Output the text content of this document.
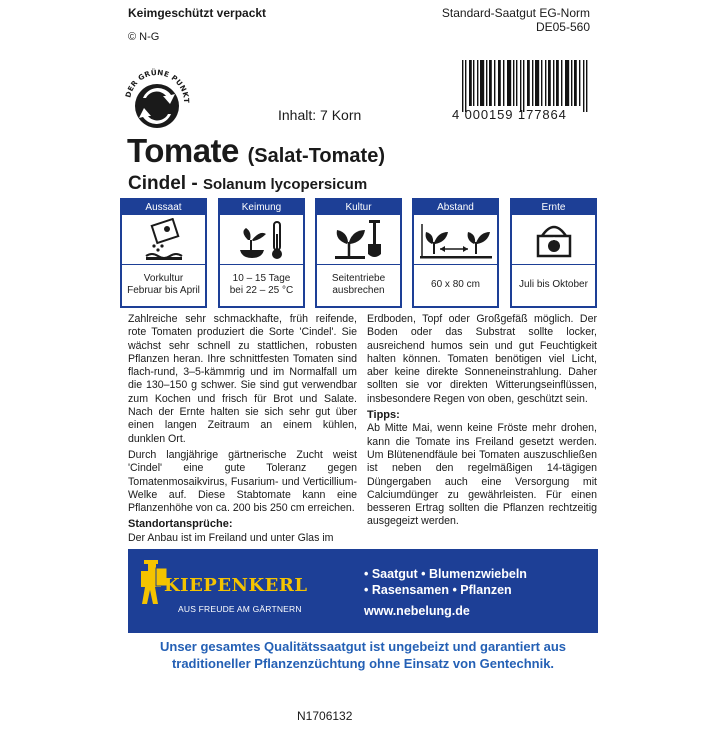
Keimgeschützt verpackt
© N-G
Standard-Saatgut EG-Norm
DE05-560
DER GRÜNE PUNKT
Inhalt: 7 Korn	4 000159 177864
Tomate (Salat-Tomate)
Cindel - Solanum lycopersicum
Aussaat
Vorkultur
Februar bis April
Keimung
10 – 15 Tage
bei 22 – 25 °C
Kultur
Seitentriebe
ausbrechen
Abstand
60 x 80 cm
Ernte
Juli bis Oktober

Zahlreiche sehr schmackhafte, früh reifende, rote Tomaten produziert die Sorte 'Cindel'. Sie wächst sehr schnell zu stattlichen, robusten Pflanzen heran. Ihre schnittfesten Tomaten sind flach-rund, 3–5-kämmrig und im Normalfall um die 130–150 g schwer. Sie sind gut verwendbar zum Kochen und frisch für Brot und Salate. Nach der Ernte halten sie sich sehr gut über einen langen Zeitraum an einem kühlen, dunklen Ort.

Durch langjährige gärtnerische Zucht weist 'Cindel' eine gute Toleranz gegen Tomatenmosaikvirus, Fusarium- und Verticillium-Welke auf. Diese Stabtomate kann eine Pflanzenhöhe von ca. 200 bis 250 cm erreichen.

Standortansprüche:

Der Anbau ist im Freiland und unter Glas im

Erdboden, Topf oder Großgefäß möglich. Der Boden oder das Substrat sollte locker, ausreichend humos sein und gut Feuchtigkeit halten können. Tomaten benötigen viel Licht, aber keine direkte Sonneneinstrahlung. Daher sollten sie vor direkten Witterungseinflüssen, insbesondere Regen von oben, geschützt sein.

Tipps:

Ab Mitte Mai, wenn keine Fröste mehr drohen, kann die Tomate ins Freiland gesetzt werden. Um Blütenendfäule bei Tomaten auszuschließen ist neben den regelmäßigen 14-tägigen Düngergaben auch eine Versorgung mit Calciumdünger zu gewährleisten. Für einen besseren Ertrag sollten die Pflanzen rechtzeitig ausgegeizt werden.

KIEPENKERL
AUS FREUDE AM GÄRTNERN
• Saatgut • Blumenzwiebeln
• Rasensamen • Pflanzen
www.nebelung.de
Unser gesamtes Qualitätssaatgut ist ungebeizt und garantiert aus traditioneller Pflanzenzüchtung ohne Einsatz von Gentechnik.
N1706132
